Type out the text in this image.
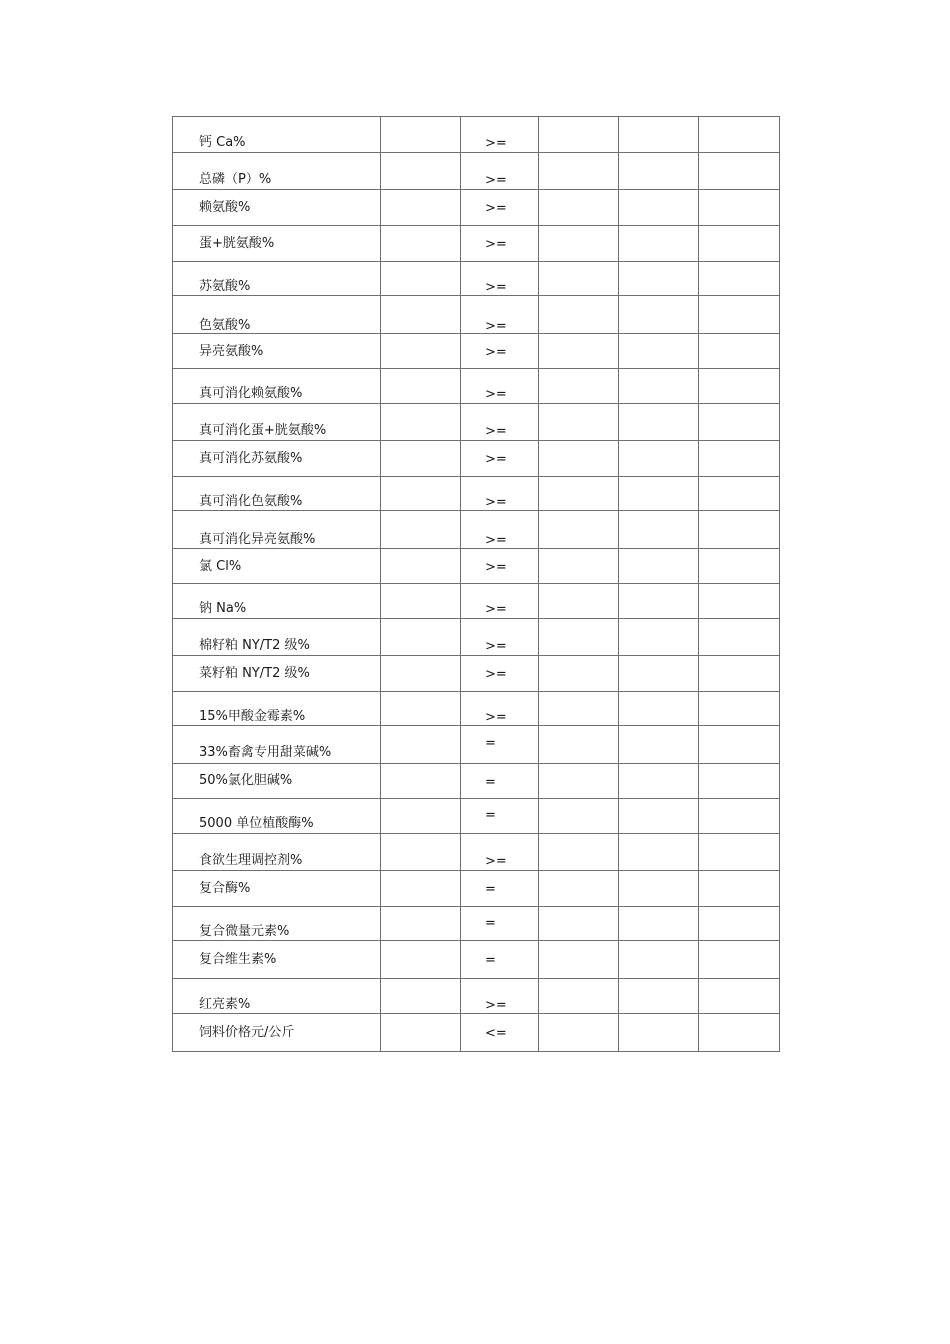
钙 Ca%		>=			

总磷（P）%		>=			

赖氨酸%		>=			

蛋+胱氨酸%		>=			

苏氨酸%		>=			

色氨酸%		>=			

异亮氨酸%		>=			

真可消化赖氨酸%		>=			

真可消化蛋+胱氨酸%		>=			

真可消化苏氨酸%		>=			

真可消化色氨酸%		>=			

真可消化异亮氨酸%		>=			

氯 Cl%		>=			

钠 Na%		>=			

棉籽粕 NY/T2 级%		>=			

菜籽粕 NY/T2 级%		>=			

15%甲酸金霉素%		>=			

33%畜禽专用甜菜碱%		=			

50%氯化胆碱%		=			

5000 单位植酸酶%		=			

食欲生理调控剂%		>=			

复合酶%		=			

复合微量元素%		=			

复合维生素%		=			

红亮素%		>=			

饲料价格元/公斤		<=			
